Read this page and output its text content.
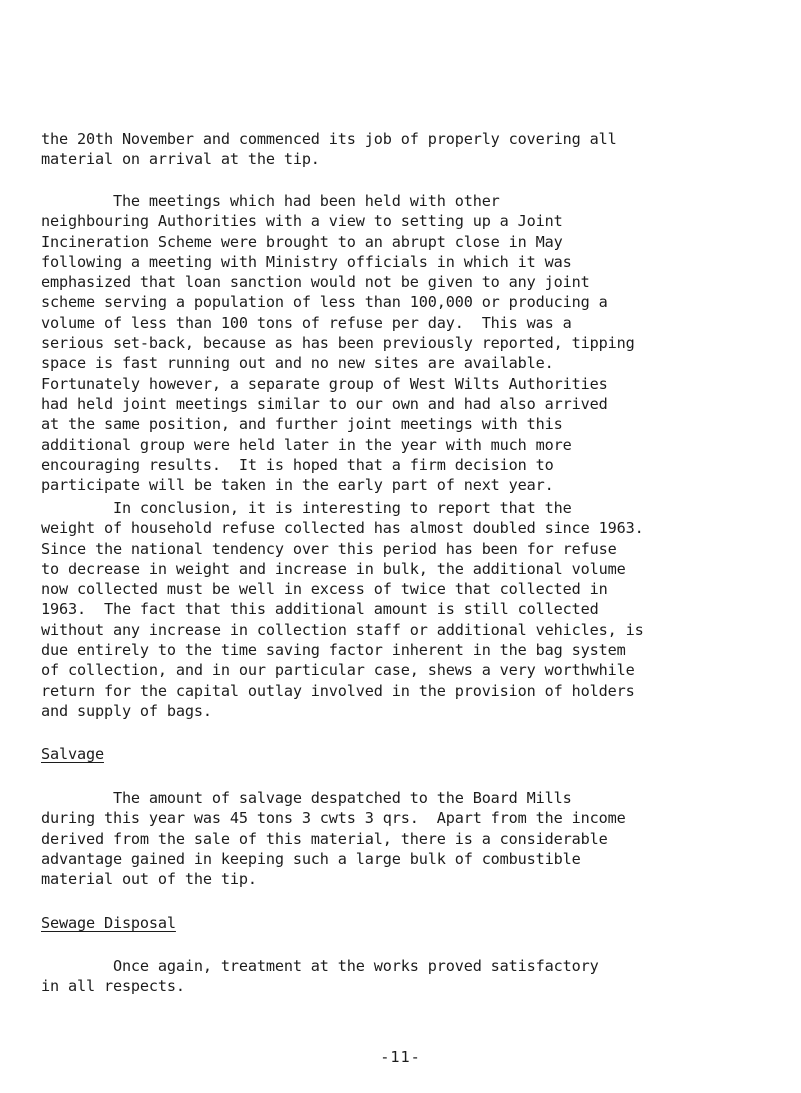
the 20th November and commenced its job of properly covering all
material on arrival at the tip.

The meetings which had been held with other
neighbouring Authorities with a view to setting up a Joint
Incineration Scheme were brought to an abrupt close in May
following a meeting with Ministry officials in which it was
emphasized that loan sanction would not be given to any joint
scheme serving a population of less than 100,000 or producing a
volume of less than 100 tons of refuse per day.  This was a
serious set-back, because as has been previously reported, tipping
space is fast running out and no new sites are available.
Fortunately however, a separate group of West Wilts Authorities
had held joint meetings similar to our own and had also arrived
at the same position, and further joint meetings with this
additional group were held later in the year with much more
encouraging results.  It is hoped that a firm decision to
participate will be taken in the early part of next year.

In conclusion, it is interesting to report that the
weight of household refuse collected has almost doubled since 1963.
Since the national tendency over this period has been for refuse
to decrease in weight and increase in bulk, the additional volume
now collected must be well in excess of twice that collected in
1963.  The fact that this additional amount is still collected
without any increase in collection staff or additional vehicles, is
due entirely to the time saving factor inherent in the bag system
of collection, and in our particular case, shews a very worthwhile
return for the capital outlay involved in the provision of holders
and supply of bags.

Salvage

The amount of salvage despatched to the Board Mills
during this year was 45 tons 3 cwts 3 qrs.  Apart from the income
derived from the sale of this material, there is a considerable
advantage gained in keeping such a large bulk of combustible
material out of the tip.

Sewage Disposal

Once again, treatment at the works proved satisfactory
in all respects.

-11-
